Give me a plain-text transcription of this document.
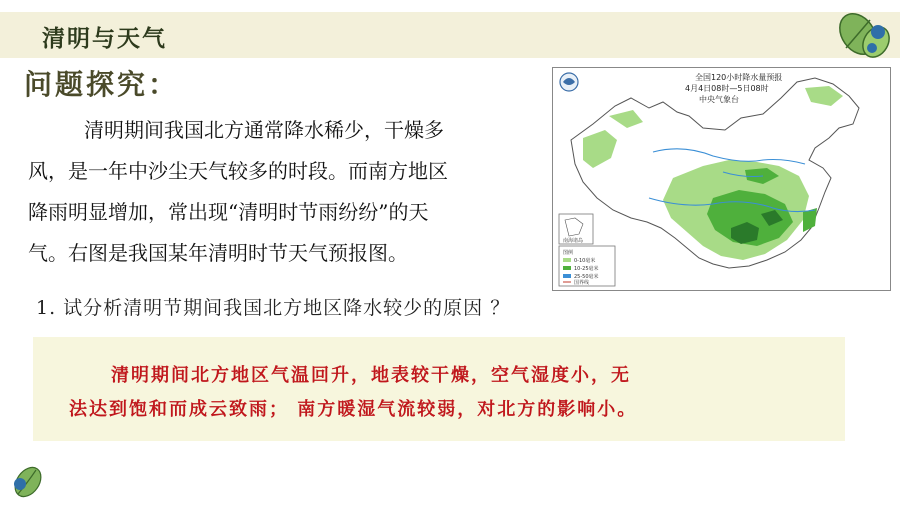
清明与天气
问题探究：
清明期间我国北方通常降水稀少，干燥多
风，是一年中沙尘天气较多的时段。而南方地区
降雨明显增加，常出现“清明时节雨纷纷”的天
气。右图是我国某年清明时节天气预报图。
全国120小时降水量预报
4月4日08时—5日08时
中央气象台
图例
0-10毫米
10-25毫米
25-50毫米
国界线
南海诸岛
1. 试分析清明节期间我国北方地区降水较少的原因 ？
清明期间北方地区气温回升，地表较干燥，空气湿度小，无
法达到饱和而成云致雨； 南方暖湿气流较弱，对北方的影响小。
